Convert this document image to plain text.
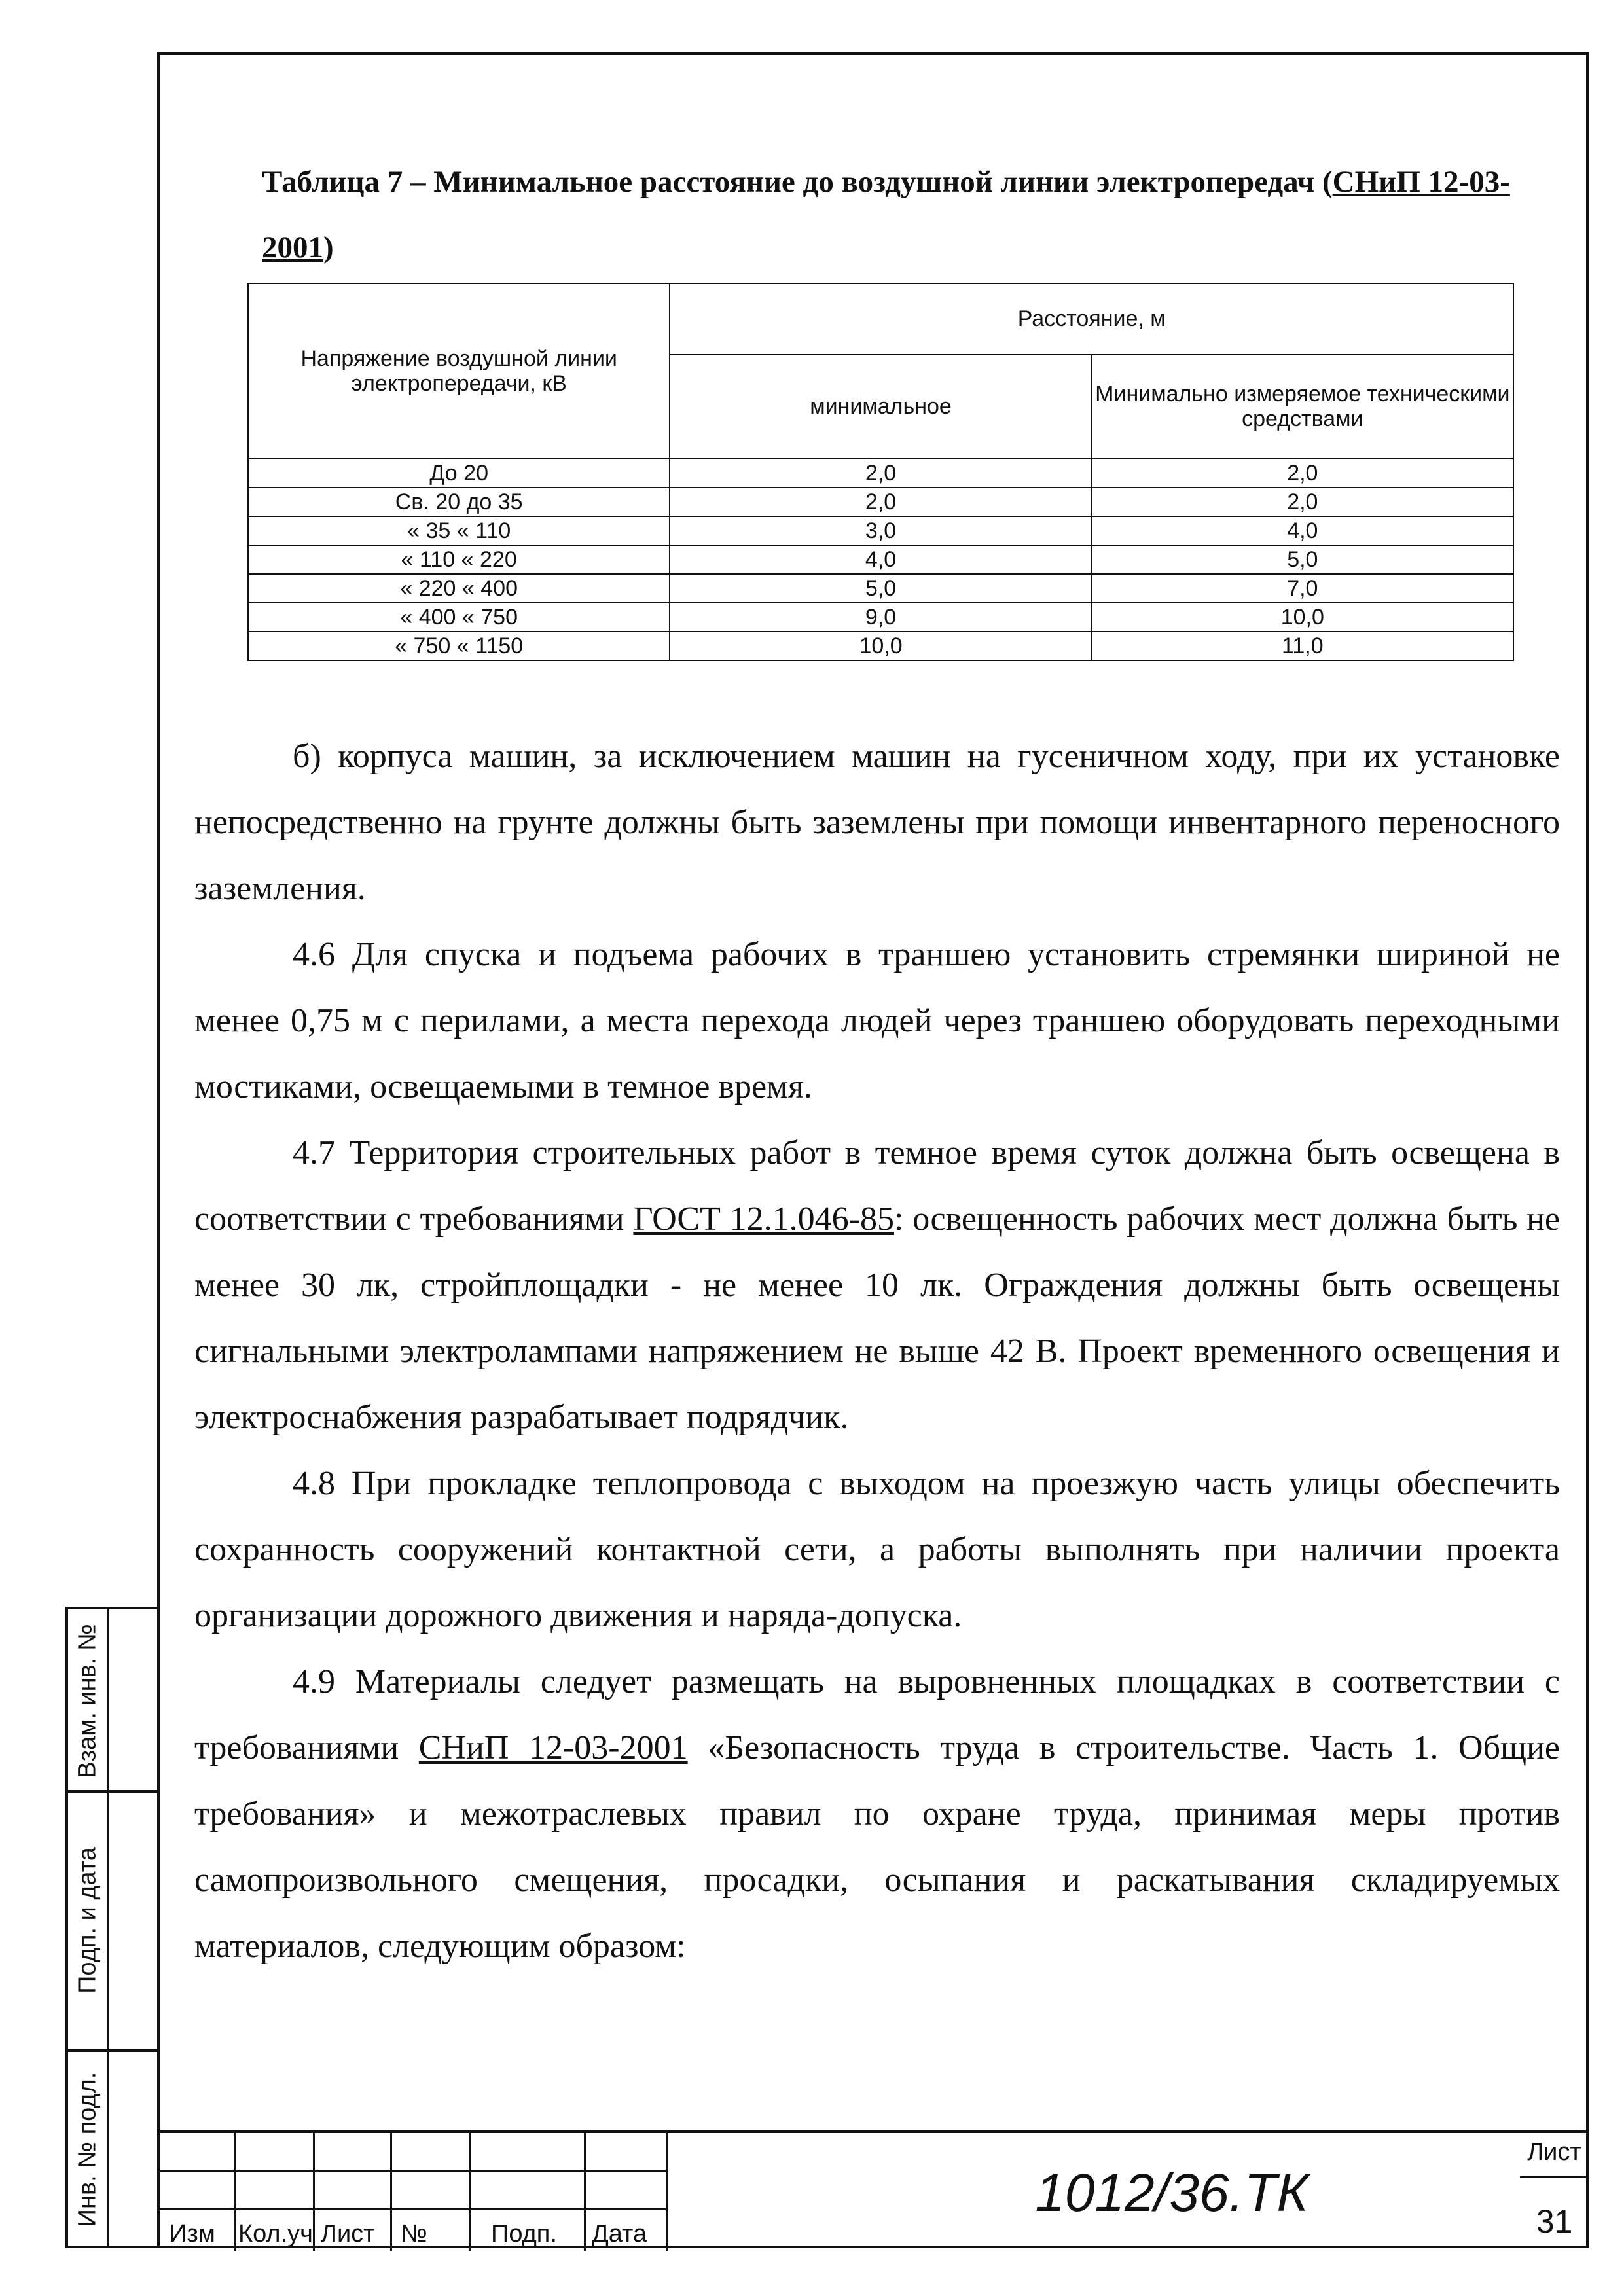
Взам. инв. №
Подп. и дата
Инв. № подл.
Таблица 7 – Минимальное расстояние до воздушной линии электропередач (СНиП 12-03-2001)
Напряжение воздушной линии электропередачи, кВ	Расстояние, м	
	минимальное	Минимально измеряемое техническими средствами
До 20	2,0	2,0
Св. 20 до 35	2,0	2,0
« 35 « 110	3,0	4,0
« 110 « 220	4,0	5,0
« 220 « 400	5,0	7,0
« 400 « 750	9,0	10,0
« 750 « 1150	10,0	11,0

б) корпуса машин, за исключением машин на гусеничном ходу, при их установке непосредственно на грунте должны быть заземлены при помощи инвентарного переносного заземления.

4.6 Для спуска и подъема рабочих в траншею установить стремянки шириной не менее 0,75 м с перилами, а места перехода людей через траншею оборудовать переходными мостиками, освещаемыми в темное время.

4.7 Территория строительных работ в темное время суток должна быть освещена в соответствии с требованиями ГОСТ 12.1.046-85: освещенность рабочих мест должна быть не менее 30 лк, стройплощадки - не менее 10 лк. Ограждения должны быть освещены сигнальными электролампами напряжением не выше 42 В. Проект временного освещения и электроснабжения разрабатывает подрядчик.

4.8 При прокладке теплопровода с выходом на проезжую часть улицы обеспечить сохранность сооружений контактной сети, а работы выполнять при наличии проекта организации дорожного движения и наряда-допуска.

4.9 Материалы следует размещать на выровненных площадках в соответствии с требованиями СНиП 12-03-2001 «Безопасность труда в строительстве. Часть 1. Общие требования» и межотраслевых правил по охране труда, принимая меры против самопроизвольного смещения, просадки, осыпания и раскатывания складируемых материалов, следующим образом:

Изм Кол.уч Лист №	Подп. Дата
1012/36.ТК
Лист
31
